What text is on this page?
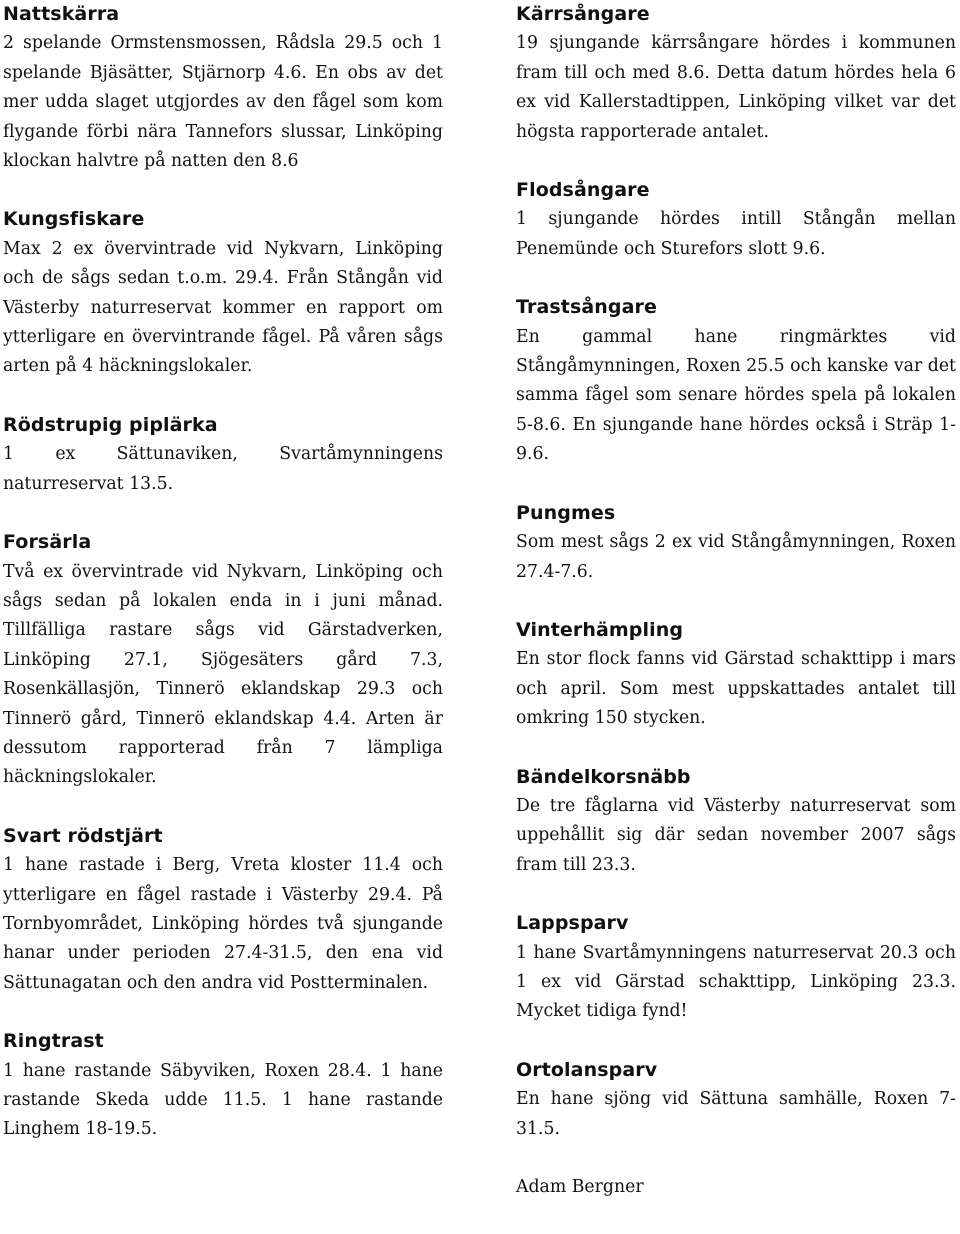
Nattskärra

2 spelande Ormstensmossen, Rådsla 29.5 och 1 spelande Bjäsätter, Stjärnorp 4.6. En obs av det mer udda slaget utgjordes av den fågel som kom flygande förbi nära Tannefors slussar, Linköping klockan halvtre på natten den 8.6

Kungsfiskare

Max 2 ex övervintrade vid Nykvarn, Linköping och de sågs sedan t.o.m. 29.4. Från Stångån vid Västerby naturreservat kommer en rapport om ytterligare en övervintrande fågel. På våren sågs arten på 4 häckningslokaler.

Rödstrupig piplärka

1 ex Sättunaviken, Svartåmynningens naturreservat 13.5.

Forsärla

Två ex övervintrade vid Nykvarn, Linköping och sågs sedan på lokalen enda in i juni månad. Tillfälliga rastare sågs vid Gärstadverken, Linköping 27.1, Sjögesäters gård 7.3, Rosenkällasjön, Tinnerö eklandskap 29.3 och Tinnerö gård, Tinnerö eklandskap 4.4. Arten är dessutom rapporterad från 7 lämpliga häckningslokaler.

Svart rödstjärt

1 hane rastade i Berg, Vreta kloster 11.4 och ytterligare en fågel rastade i Västerby 29.4. På Tornbyområdet, Linköping hördes två sjungande hanar under perioden 27.4-31.5, den ena vid Sättunagatan och den andra vid Postterminalen.

Ringtrast

1 hane rastande Säbyviken, Roxen 28.4. 1 hane rastande Skeda udde 11.5. 1 hane rastande Linghem 18-19.5.

Kärrsångare

19 sjungande kärrsångare hördes i kommunen fram till och med 8.6. Detta datum hördes hela 6 ex vid Kallerstadtippen, Linköping vilket var det högsta rapporterade antalet.

Flodsångare

1 sjungande hördes intill Stångån mellan Penemünde och Sturefors slott 9.6.

Trastsångare

En gammal hane ringmärktes vid Stångåmynningen, Roxen 25.5 och kanske var det samma fågel som senare hördes spela på lokalen 5-8.6. En sjungande hane hördes också i Sträp 1-9.6.

Pungmes

Som mest sågs 2 ex vid Stångåmynningen, Roxen 27.4-7.6.

Vinterhämpling

En stor flock fanns vid Gärstad schakttipp i mars och april. Som mest uppskattades antalet till omkring 150 stycken.

Bändelkorsnäbb

De tre fåglarna vid Västerby naturreservat som uppehållit sig där sedan november 2007 sågs fram till 23.3.

Lappsparv

1 hane Svartåmynningens naturreservat 20.3 och 1 ex vid Gärstad schakttipp, Linköping 23.3. Mycket tidiga fynd!

Ortolansparv

En hane sjöng vid Sättuna samhälle, Roxen 7-31.5.

Adam Bergner
